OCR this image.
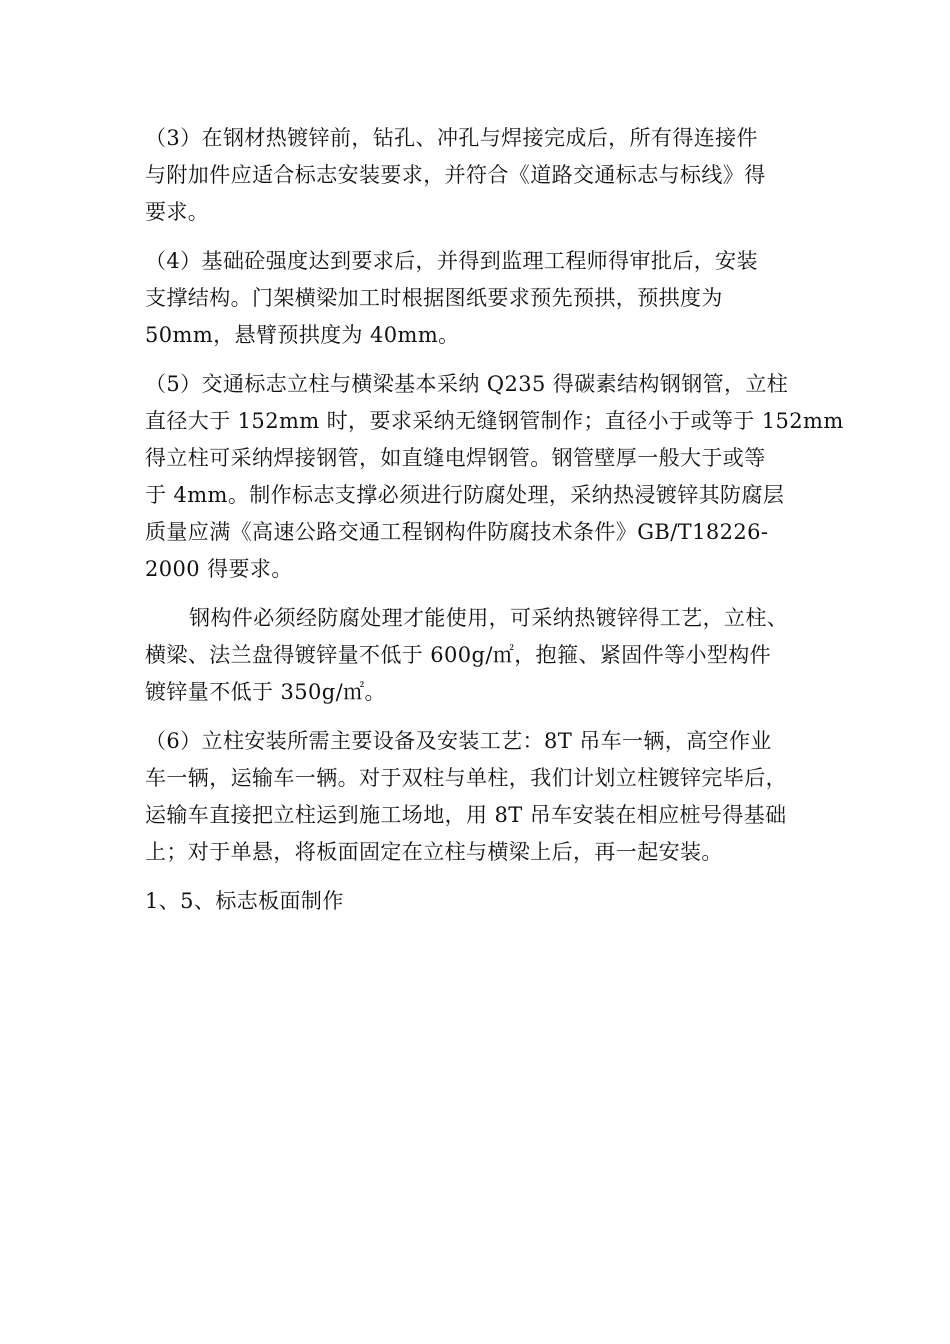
（3）在钢材热镀锌前，钻孔、冲孔与焊接完成后，所有得连接件
与附加件应适合标志安装要求，并符合《道路交通标志与标线》得
要求。
（4）基础砼强度达到要求后，并得到监理工程师得审批后，安装
支撑结构。门架横梁加工时根据图纸要求预先预拱，预拱度为
50mm，悬臂预拱度为 40mm。
（5）交通标志立柱与横梁基本采纳 Q235 得碳素结构钢钢管，立柱
直径大于 152mm 时，要求采纳无缝钢管制作；直径小于或等于 152mm
得立柱可采纳焊接钢管，如直缝电焊钢管。钢管壁厚一般大于或等
于 4mm。制作标志支撑必须进行防腐处理，采纳热浸镀锌其防腐层
质量应满《高速公路交通工程钢构件防腐技术条件》GB/T18226-
2000 得要求。
钢构件必须经防腐处理才能使用，可采纳热镀锌得工艺，立柱、
横梁、法兰盘得镀锌量不低于 600g/㎡，抱箍、紧固件等小型构件
镀锌量不低于 350g/㎡。
（6）立柱安装所需主要设备及安装工艺：8T 吊车一辆，高空作业
车一辆，运输车一辆。对于双柱与单柱，我们计划立柱镀锌完毕后，
运输车直接把立柱运到施工场地，用 8T 吊车安装在相应桩号得基础
上；对于单悬，将板面固定在立柱与横梁上后，再一起安装。
1、5、标志板面制作
